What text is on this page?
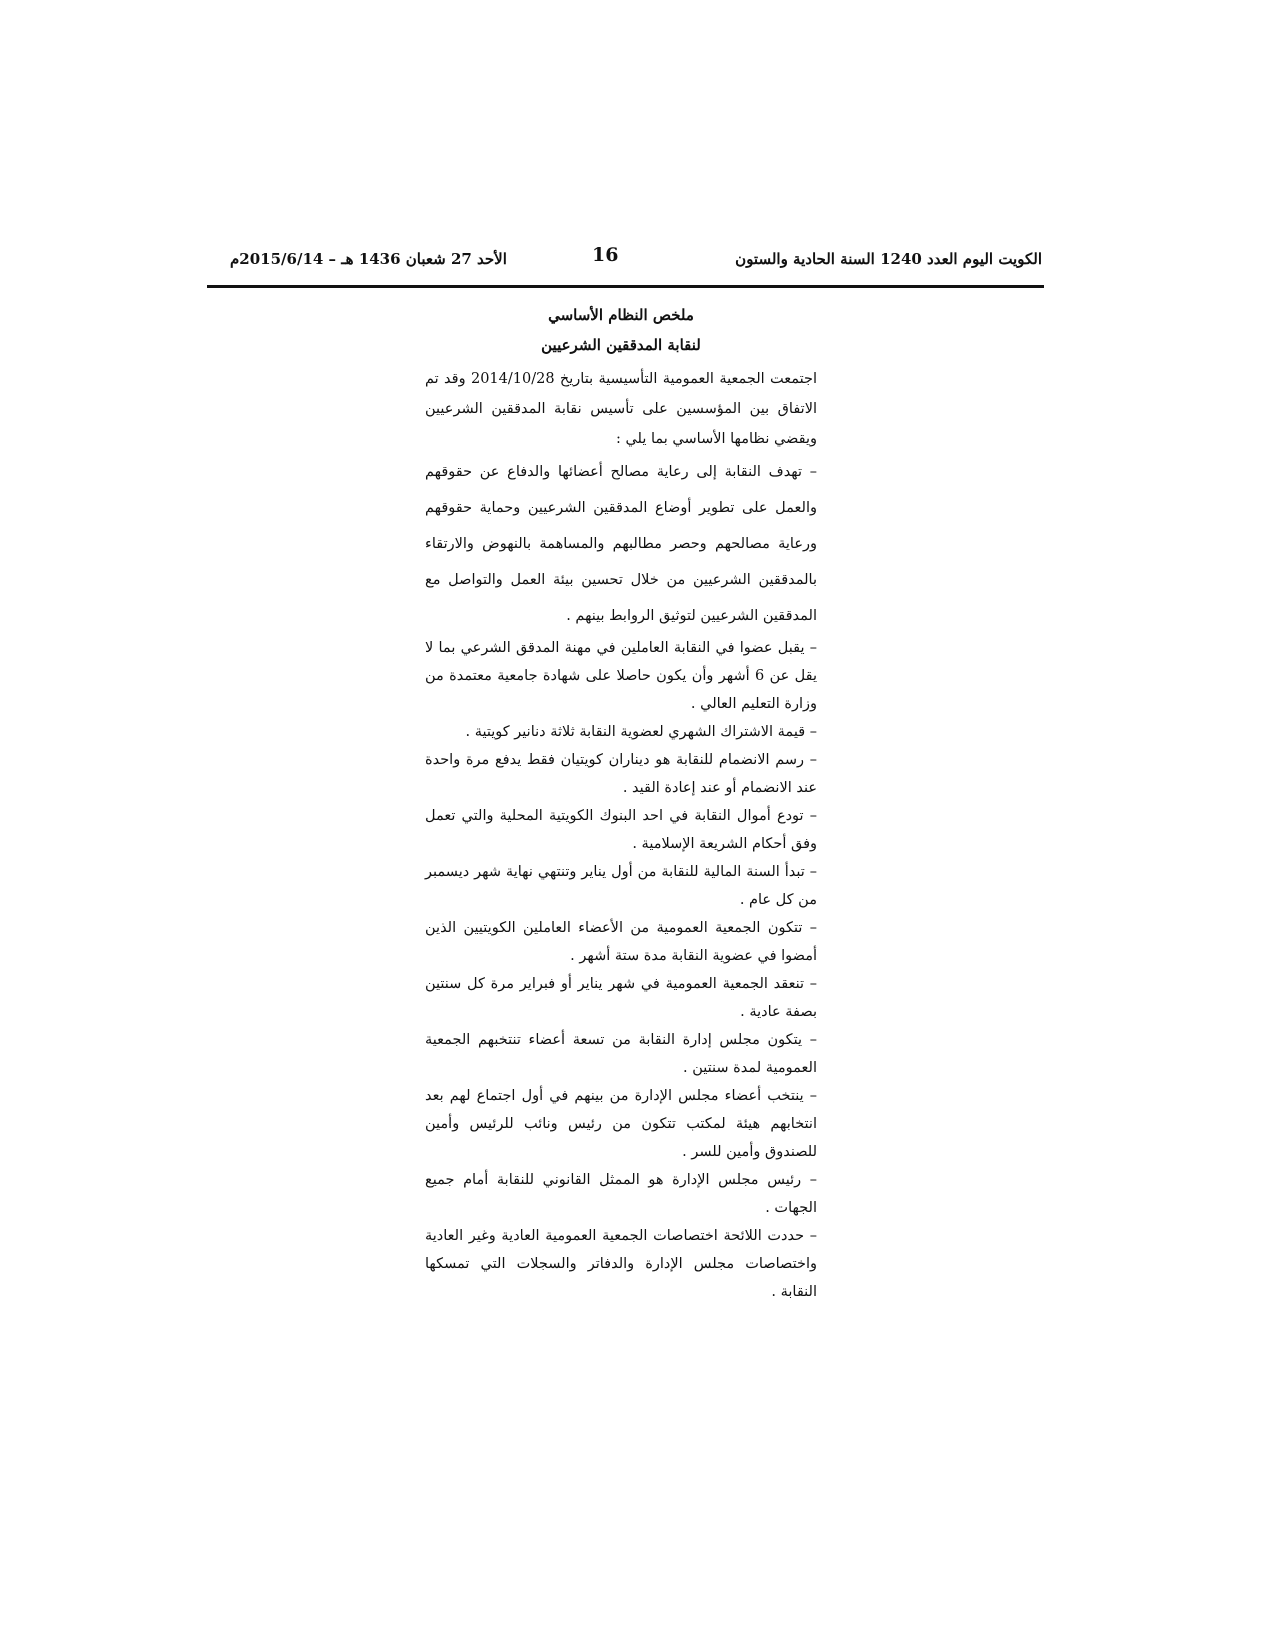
الكويت اليوم العدد 1240 السنة الحادية والستون
16
الأحد 27 شعبان 1436 هـ – 2015/6/14م
ملخص النظام الأساسي
لنقابة المدققين الشرعيين

اجتمعت الجمعية العمومية التأسيسية بتاريخ 2014/10/28 وقد تم الاتفاق بين المؤسسين على تأسيس نقابة المدققين الشرعيين ويقضي نظامها الأساسي بما يلي :

– تهدف النقابة إلى رعاية مصالح أعضائها والدفاع عن حقوقهم والعمل على تطوير أوضاع المدققين الشرعيين وحماية حقوقهم ورعاية مصالحهم وحصر مطالبهم والمساهمة بالنهوض والارتقاء بالمدققين الشرعيين من خلال تحسين بيئة العمل والتواصل مع المدققين الشرعيين لتوثيق الروابط بينهم .

– يقبل عضوا في النقابة العاملين في مهنة المدقق الشرعي بما لا يقل عن 6 أشهر وأن يكون حاصلا على شهادة جامعية معتمدة من وزارة التعليم العالي .

– قيمة الاشتراك الشهري لعضوية النقابة ثلاثة دنانير كويتية .

– رسم الانضمام للنقابة هو ديناران كويتيان فقط يدفع مرة واحدة عند الانضمام أو عند إعادة القيد .

– تودع أموال النقابة في احد البنوك الكويتية المحلية والتي تعمل وفق أحكام الشريعة الإسلامية .

– تبدأ السنة المالية للنقابة من أول يناير وتنتهي نهاية شهر ديسمبر من كل عام .

– تتكون الجمعية العمومية من الأعضاء العاملين الكويتيين الذين أمضوا في عضوية النقابة مدة ستة أشهر .

– تنعقد الجمعية العمومية في شهر يناير أو فبراير مرة كل سنتين بصفة عادية .

– يتكون مجلس إدارة النقابة من تسعة أعضاء تنتخبهم الجمعية العمومية لمدة سنتين .

– ينتخب أعضاء مجلس الإدارة من بينهم في أول اجتماع لهم بعد انتخابهم هيئة لمكتب تتكون من رئيس ونائب للرئيس وأمين للصندوق وأمين للسر .

– رئيس مجلس الإدارة هو الممثل القانوني للنقابة أمام جميع الجهات .

– حددت اللائحة اختصاصات الجمعية العمومية العادية وغير العادية واختصاصات مجلس الإدارة والدفاتر والسجلات التي تمسكها النقابة .
